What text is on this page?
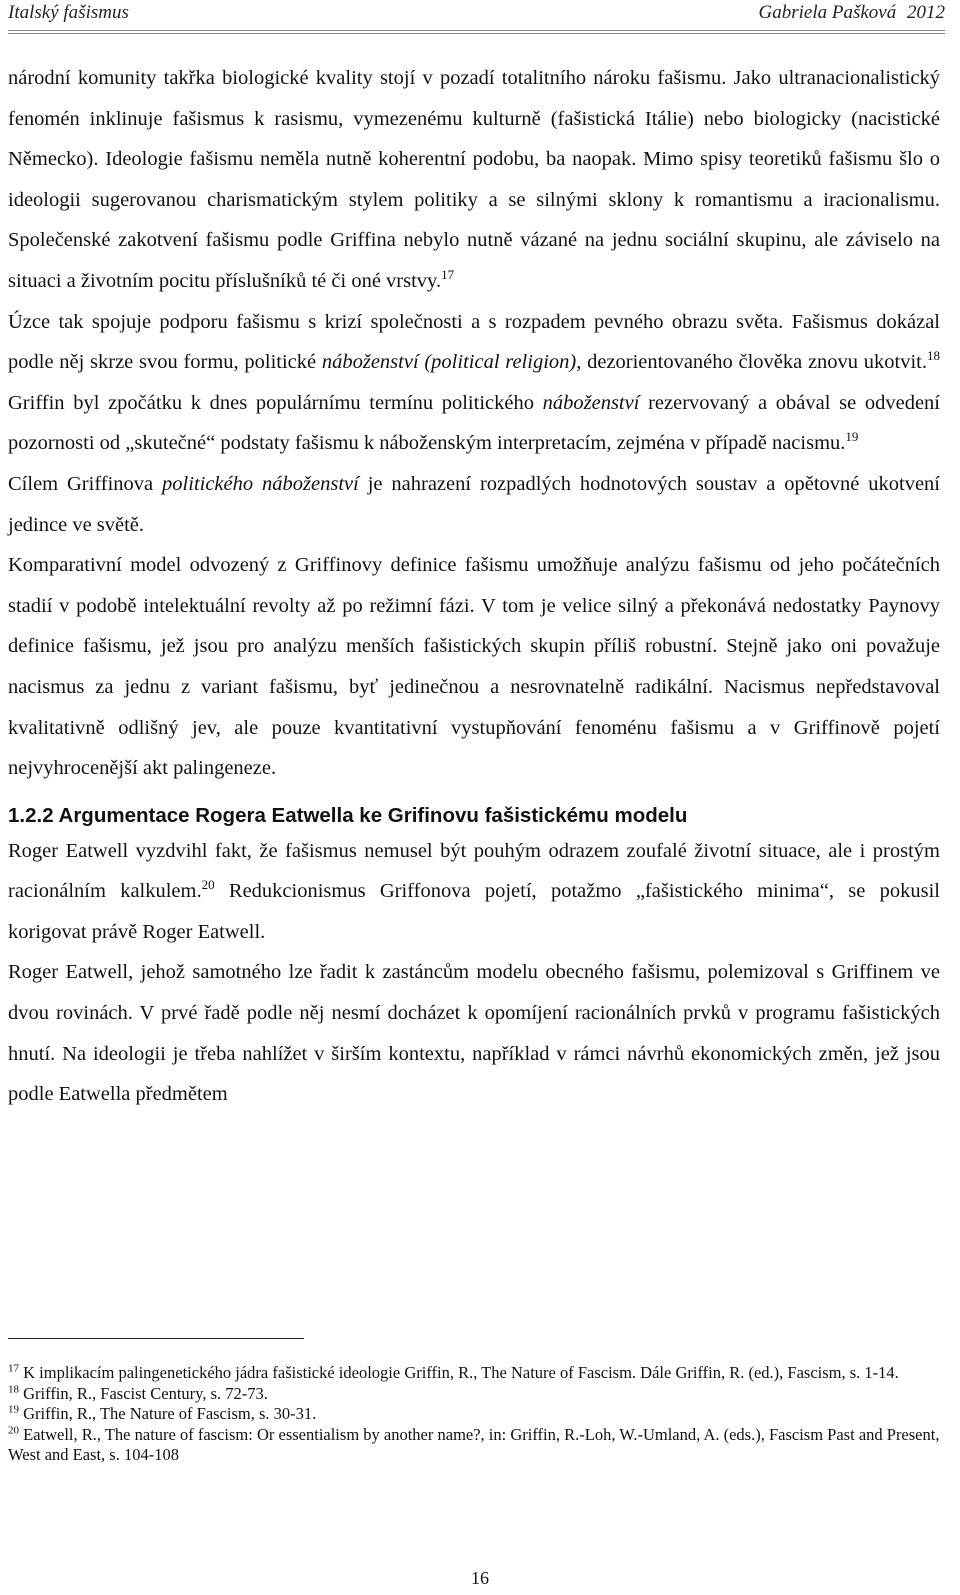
Italský fašismus	Gabriela Pašková 2012

národní komunity takřka biologické kvality stojí v pozadí totalitního nároku fašismu. Jako ultranacionalistický fenomén inklinuje fašismus k rasismu, vymezenému kulturně (fašistická Itálie) nebo biologicky (nacistické Německo). Ideologie fašismu neměla nutně koherentní podobu, ba naopak. Mimo spisy teoretiků fašismu šlo o ideologii sugerovanou charismatickým stylem politiky a se silnými sklony k romantismu a iracionalismu. Společenské zakotvení fašismu podle Griffina nebylo nutně vázané na jednu sociální skupinu, ale záviselo na situaci a životním pocitu příslušníků té či oné vrstvy.$^{17}$

Úzce tak spojuje podporu fašismu s krizí společnosti a s rozpadem pevného obrazu světa. Fašismus dokázal podle něj skrze svou formu, politické náboženství (political religion), dezorientovaného člověka znovu ukotvit.$^{18}$ Griffin byl zpočátku k dnes populárnímu termínu politického náboženství rezervovaný a obával se odvedení pozornosti od „skutečné“ podstaty fašismu k náboženským interpretacím, zejména v případě nacismu.$^{19}$

Cílem Griffinova politického náboženství je nahrazení rozpadlých hodnotových soustav a opětovné ukotvení jedince ve světě.

Komparativní model odvozený z Griffinovy definice fašismu umožňuje analýzu fašismu od jeho počátečních stadií v podobě intelektuální revolty až po režimní fázi. V tom je velice silný a překonává nedostatky Paynovy definice fašismu, jež jsou pro analýzu menších fašistických skupin příliš robustní. Stejně jako oni považuje nacismus za jednu z variant fašismu, byť jedinečnou a nesrovnatelně radikální. Nacismus nepředstavoval kvalitativně odlišný jev, ale pouze kvantitativní vystupňování fenoménu fašismu a v Griffinově pojetí nejvyhrocenější akt palingeneze.

1.2.2 Argumentace Rogera Eatwella ke Grifinovu fašistickému modelu

Roger Eatwell vyzdvihl fakt, že fašismus nemusel být pouhým odrazem zoufalé životní situace, ale i prostým racionálním kalkulem.$^{20}$ Redukcionismus Griffonova pojetí, potažmo „fašistického minima“, se pokusil korigovat právě Roger Eatwell.

Roger Eatwell, jehož samotného lze řadit k zastáncům modelu obecného fašismu, polemizoval s Griffinem ve dvou rovinách. V prvé řadě podle něj nesmí docházet k opomíjení racionálních prvků v programu fašistických hnutí. Na ideologii je třeba nahlížet v širším kontextu, například v rámci návrhů ekonomických změn, jež jsou podle Eatwella předmětem

$^{17}$ K implikacím palingenetického jádra fašistické ideologie Griffin, R., The Nature of Fascism. Dále Griffin, R. (ed.), Fascism, s. 1-14.

$^{18}$ Griffin, R., Fascist Century, s. 72-73.

$^{19}$ Griffin, R., The Nature of Fascism, s. 30-31.

$^{20}$ Eatwell, R., The nature of fascism: Or essentialism by another name?, in: Griffin, R.-Loh, W.-Umland, A. (eds.), Fascism Past and Present, West and East, s. 104-108

16
